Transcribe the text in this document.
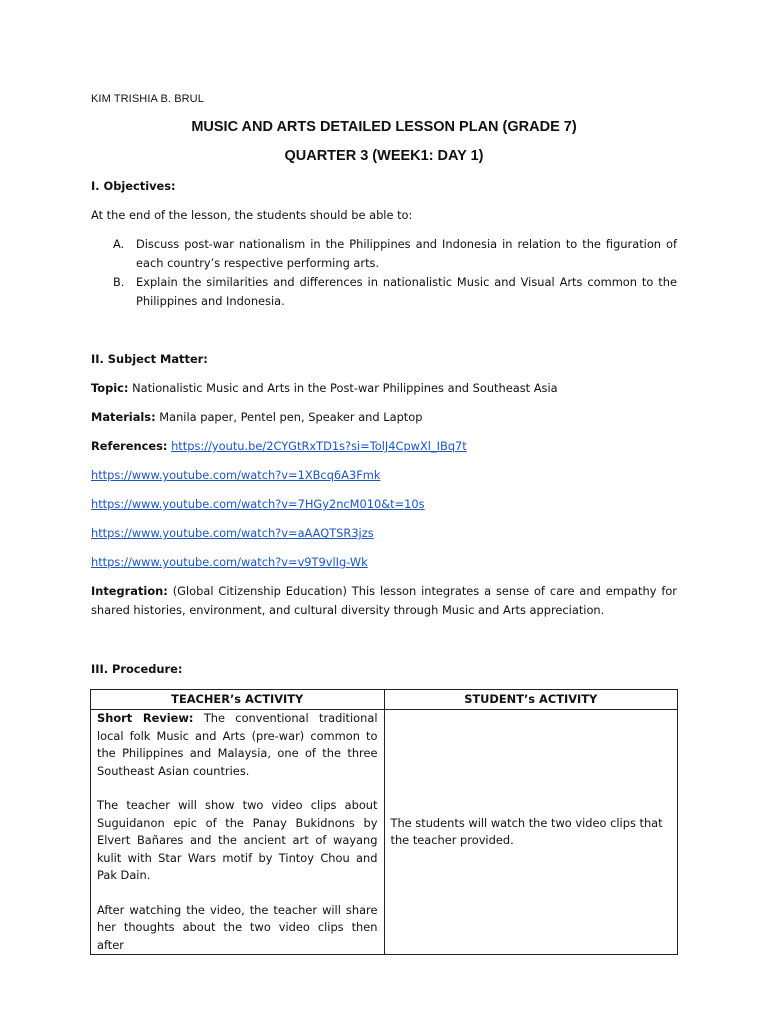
KIM TRISHIA B. BRUL
MUSIC AND ARTS DETAILED LESSON PLAN (GRADE 7)
QUARTER 3 (WEEK1: DAY 1)
I. Objectives:
At the end of the lesson, the students should be able to:
A. Discuss post-war nationalism in the Philippines and Indonesia in relation to the figuration of each country’s respective performing arts.
B. Explain the similarities and differences in nationalistic Music and Visual Arts common to the Philippines and Indonesia.
II. Subject Matter:
Topic: Nationalistic Music and Arts in the Post-war Philippines and Southeast Asia
Materials: Manila paper, Pentel pen, Speaker and Laptop
References: https://youtu.be/2CYGtRxTD1s?si=TolJ4CpwXl_IBq7t
https://www.youtube.com/watch?v=1XBcq6A3Fmk
https://www.youtube.com/watch?v=7HGy2ncM010&t=10s
https://www.youtube.com/watch?v=aAAQTSR3jzs
https://www.youtube.com/watch?v=v9T9vlIg-Wk
Integration: (Global Citizenship Education) This lesson integrates a sense of care and empathy for shared histories, environment, and cultural diversity through Music and Arts appreciation.
III. Procedure:
TEACHER’s ACTIVITY	STUDENT’s ACTIVITY
Short Review: The conventional traditional local folk Music and Arts (pre-war) common to the Philippines and Malaysia, one of the three Southeast Asian countries.
The teacher will show two video clips about Suguidanon epic of the Panay Bukidnons by Elvert Bañares and the ancient art of wayang kulit with Star Wars motif by Tintoy Chou and Pak Dain.
After watching the video, the teacher will share her thoughts about the two video clips then after	The students will watch the two video clips that the teacher provided.
